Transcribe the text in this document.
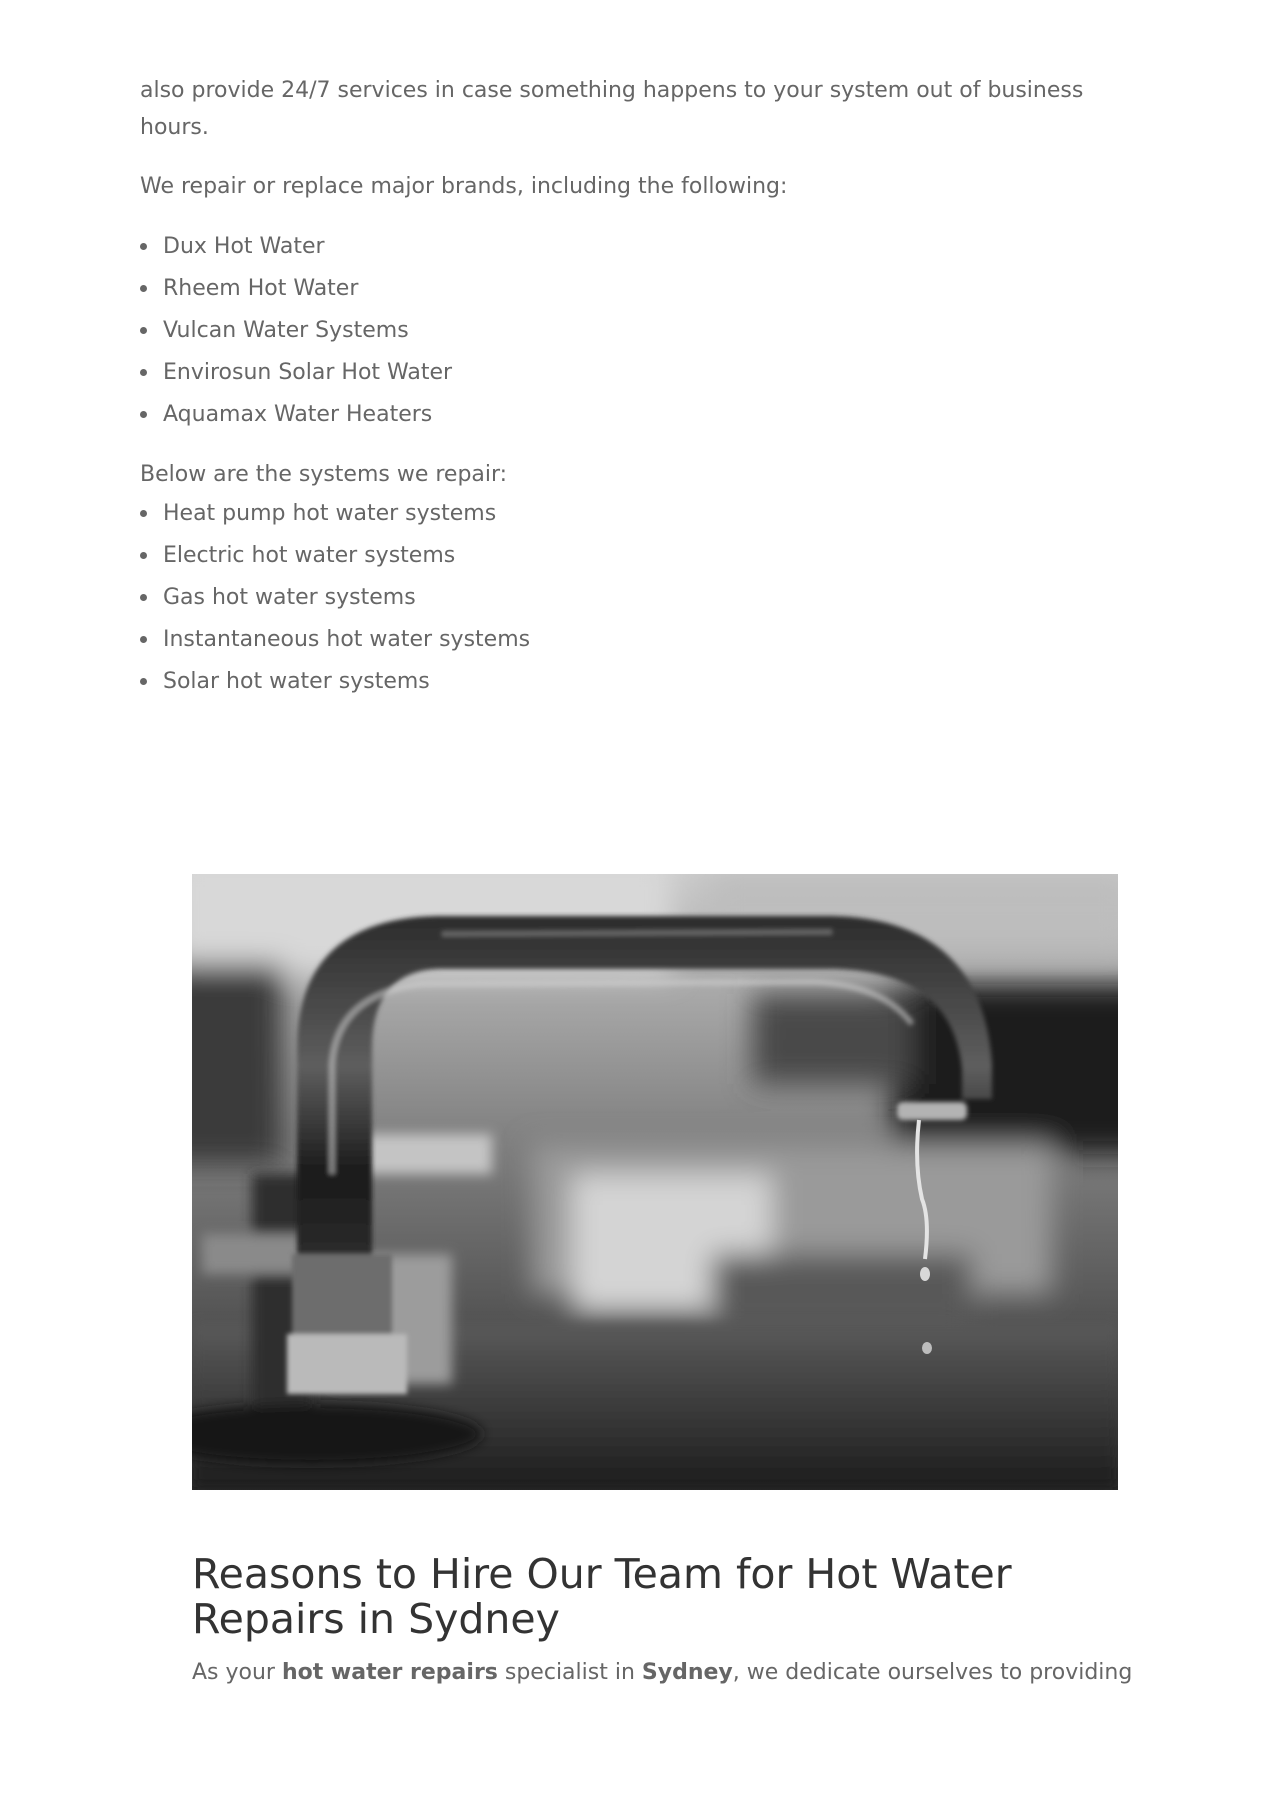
also provide 24/7 services in case something happens to your system out of business hours.

We repair or replace major brands, including the following:

Dux Hot Water
Rheem Hot Water
Vulcan Water Systems
Envirosun Solar Hot Water
Aquamax Water Heaters

Below are the systems we repair:

Heat pump hot water systems
Electric hot water systems
Gas hot water systems
Instantaneous hot water systems
Solar hot water systems
Reasons to Hire Our Team for Hot Water Repairs in Sydney

As your hot water repairs specialist in Sydney, we dedicate ourselves to providing
